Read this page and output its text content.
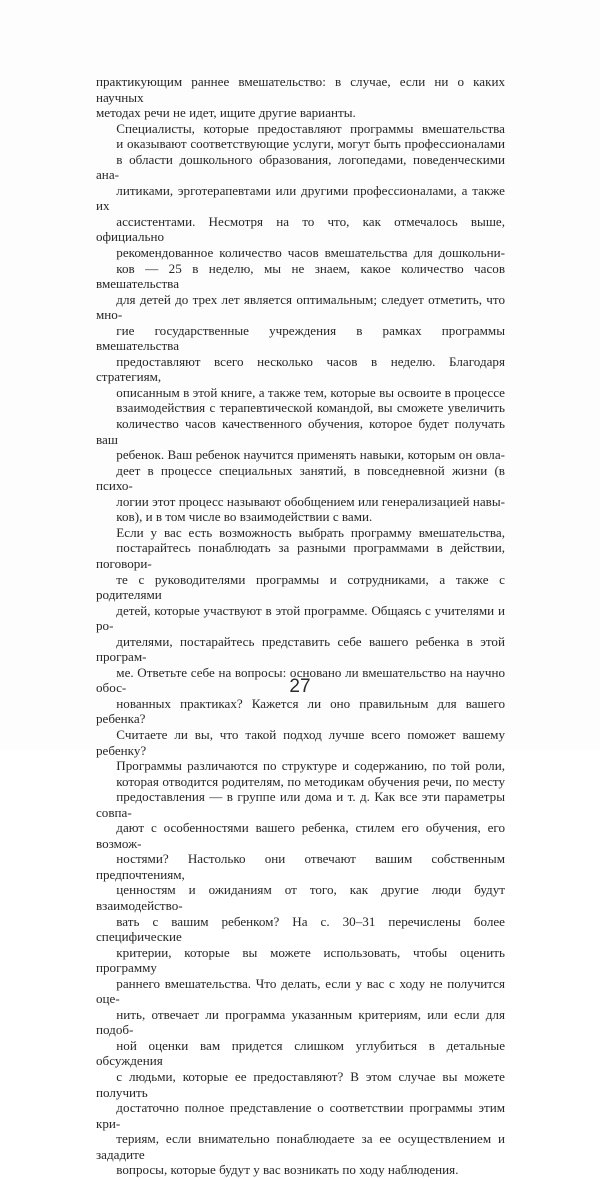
практикующим раннее вмешательство: в случае, если ни о каких научных
методах речи не идет, ищите другие варианты.

Специалисты, которые предоставляют программы вмешательства
и оказывают соответствующие услуги, могут быть профессионалами
в области дошкольного образования, логопедами, поведенческими ана-
литиками, эрготерапевтами или другими профессионалами, а также их
ассистентами. Несмотря на то что, как отмечалось выше, официально
рекомендованное количество часов вмешательства для дошкольни-
ков — 25 в неделю, мы не знаем, какое количество часов вмешательства
для детей до трех лет является оптимальным; следует отметить, что мно-
гие государственные учреждения в рамках программы вмешательства
предоставляют всего несколько часов в неделю. Благодаря стратегиям,
описанным в этой книге, а также тем, которые вы освоите в процессе
взаимодействия с терапевтической командой, вы сможете увеличить
количество часов качественного обучения, которое будет получать ваш
ребенок. Ваш ребенок научится применять навыки, которым он овла-
деет в процессе специальных занятий, в повседневной жизни (в психо-
логии этот процесс называют обобщением или генерализацией навы-
ков), и в том числе во взаимодействии с вами.

Если у вас есть возможность выбрать программу вмешательства,
постарайтесь понаблюдать за разными программами в действии, поговори-
те с руководителями программы и сотрудниками, а также с родителями
детей, которые участвуют в этой программе. Общаясь с учителями и ро-
дителями, постарайтесь представить себе вашего ребенка в этой програм-
ме. Ответьте себе на вопросы: основано ли вмешательство на научно обос-
нованных практиках? Кажется ли оно правильным для вашего ребенка?
Считаете ли вы, что такой подход лучше всего поможет вашему ребенку?

Программы различаются по структуре и содержанию, по той роли,
которая отводится родителям, по методикам обучения речи, по месту
предоставления — в группе или дома и т. д. Как все эти параметры совпа-
дают с особенностями вашего ребенка, стилем его обучения, его возмож-
ностями? Настолько они отвечают вашим собственным предпочтениям,
ценностям и ожиданиям от того, как другие люди будут взаимодейство-
вать с вашим ребенком? На с. 30–31 перечислены более специфические
критерии, которые вы можете использовать, чтобы оценить программу
раннего вмешательства. Что делать, если у вас с ходу не получится оце-
нить, отвечает ли программа указанным критериям, или если для подоб-
ной оценки вам придется слишком углубиться в детальные обсуждения
с людьми, которые ее предоставляют? В этом случае вы можете получить
достаточно полное представление о соответствии программы этим кри-
териям, если внимательно понаблюдаете за ее осуществлением и зададите
вопросы, которые будут у вас возникать по ходу наблюдения.

27
